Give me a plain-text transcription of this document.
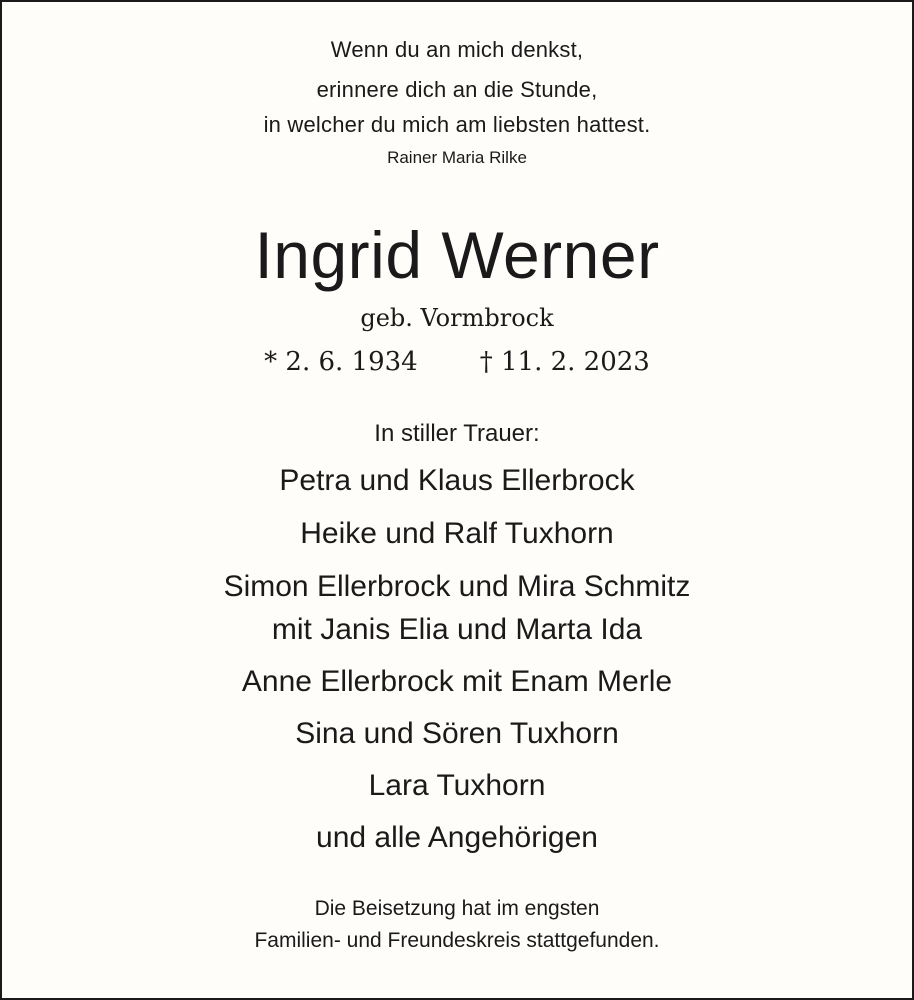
Wenn du an mich denkst,
erinnere dich an die Stunde,
in welcher du mich am liebsten hattest.
Rainer Maria Rilke
Ingrid Werner
geb. Vormbrock
* 2. 6. 1934 † 11. 2. 2023
In stiller Trauer:
Petra und Klaus Ellerbrock
Heike und Ralf Tuxhorn
Simon Ellerbrock und Mira Schmitz
mit Janis Elia und Marta Ida
Anne Ellerbrock mit Enam Merle
Sina und Sören Tuxhorn
Lara Tuxhorn
und alle Angehörigen
Die Beisetzung hat im engsten
Familien- und Freundeskreis stattgefunden.
